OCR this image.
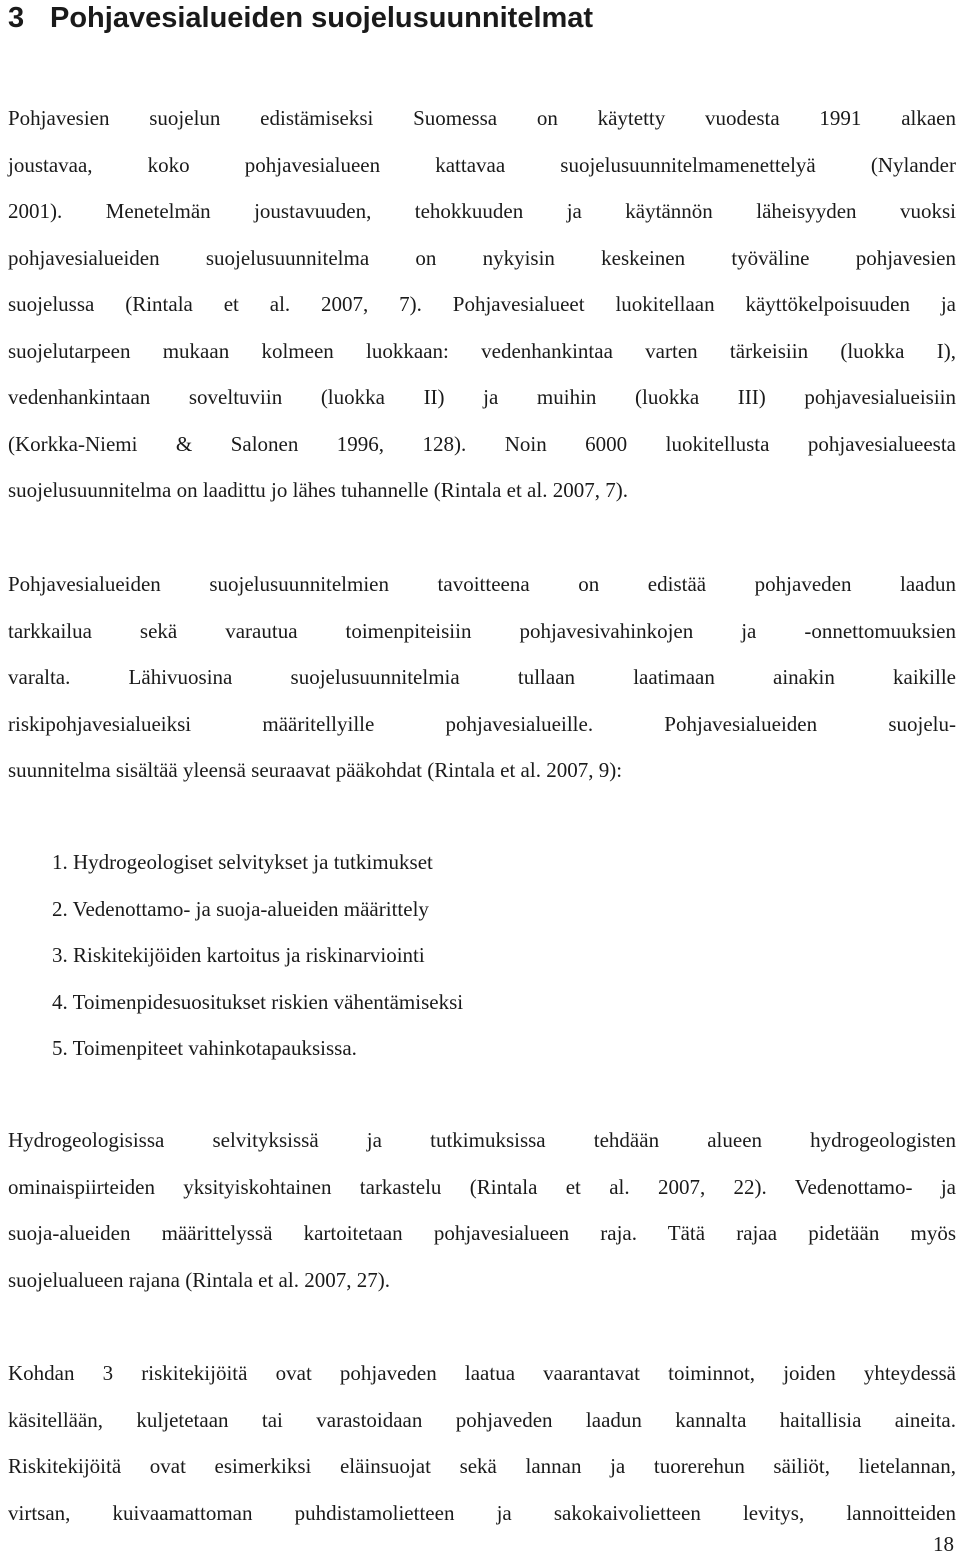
3 Pohjavesialueiden suojelusuunnitelmat

Pohjavesien suojelun edistämiseksi Suomessa on käytetty vuodesta 1991 alkaen
joustavaa, koko pohjavesialueen kattavaa suojelusuunnitelmamenettelyä (Nylander
2001). Menetelmän joustavuuden, tehokkuuden ja käytännön läheisyyden vuoksi
pohjavesialueiden suojelusuunnitelma on nykyisin keskeinen työväline pohjavesien
suojelussa (Rintala et al. 2007, 7). Pohjavesialueet luokitellaan käyttökelpoisuuden ja
suojelutarpeen mukaan kolmeen luokkaan: vedenhankintaa varten tärkeisiin (luokka I),
vedenhankintaan soveltuviin (luokka II) ja muihin (luokka III) pohjavesialueisiin
(Korkka-Niemi & Salonen 1996, 128). Noin 6000 luokitellusta pohjavesialueesta
suojelusuunnitelma on laadittu jo lähes tuhannelle (Rintala et al. 2007, 7).

Pohjavesialueiden suojelusuunnitelmien tavoitteena on edistää pohjaveden laadun
tarkkailua sekä varautua toimenpiteisiin pohjavesivahinkojen ja -onnettomuuksien
varalta. Lähivuosina suojelusuunnitelmia tullaan laatimaan ainakin kaikille
riskipohjavesialueiksi määritellyille pohjavesialueille. Pohjavesialueiden suojelu-
suunnitelma sisältää yleensä seuraavat pääkohdat (Rintala et al. 2007, 9):

1. Hydrogeologiset selvitykset ja tutkimukset
2. Vedenottamo- ja suoja-alueiden määrittely
3. Riskitekijöiden kartoitus ja riskinarviointi
4. Toimenpidesuositukset riskien vähentämiseksi
5. Toimenpiteet vahinkotapauksissa.

Hydrogeologisissa selvityksissä ja tutkimuksissa tehdään alueen hydrogeologisten
ominaispiirteiden yksityiskohtainen tarkastelu (Rintala et al. 2007, 22). Vedenottamo- ja
suoja-alueiden määrittelyssä kartoitetaan pohjavesialueen raja. Tätä rajaa pidetään myös
suojelualueen rajana (Rintala et al. 2007, 27).

Kohdan 3 riskitekijöitä ovat pohjaveden laatua vaarantavat toiminnot, joiden yhteydessä
käsitellään, kuljetetaan tai varastoidaan pohjaveden laadun kannalta haitallisia aineita.
Riskitekijöitä ovat esimerkiksi eläinsuojat sekä lannan ja tuorerehun säiliöt, lietelannan,
virtsan, kuivaamattoman puhdistamolietteen ja sakokaivolietteen levitys, lannoitteiden

18
